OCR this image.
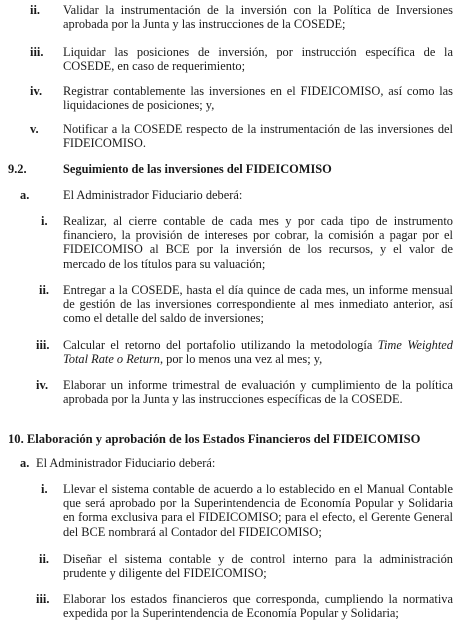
ii. Validar la instrumentación de la inversión con la Política de Inversiones aprobada por la Junta y las instrucciones de la COSEDE;
iii. Liquidar las posiciones de inversión, por instrucción específica de la COSEDE, en caso de requerimiento;
iv. Registrar contablemente las inversiones en el FIDEICOMISO, así como las liquidaciones de posiciones; y,
v. Notificar a la COSEDE respecto de la instrumentación de las inversiones del FIDEICOMISO.
9.2.	Seguimiento de las inversiones del FIDEICOMISO
a.	El Administrador Fiduciario deberá:
i. Realizar, al cierre contable de cada mes y por cada tipo de instrumento financiero, la provisión de intereses por cobrar, la comisión a pagar por el FIDEICOMISO al BCE por la inversión de los recursos, y el valor de mercado de los títulos para su valuación;
ii. Entregar a la COSEDE, hasta el día quince de cada mes, un informe mensual de gestión de las inversiones correspondiente al mes inmediato anterior, así como el detalle del saldo de inversiones;
iii. Calcular el retorno del portafolio utilizando la metodología Time Weighted Total Rate o Return, por lo menos una vez al mes; y,
iv. Elaborar un informe trimestral de evaluación y cumplimiento de la política aprobada por la Junta y las instrucciones específicas de la COSEDE.
10. Elaboración y aprobación de los Estados Financieros del FIDEICOMISO
a. El Administrador Fiduciario deberá:
i. Llevar el sistema contable de acuerdo a lo establecido en el Manual Contable que será aprobado por la Superintendencia de Economía Popular y Solidaria en forma exclusiva para el FIDEICOMISO; para el efecto, el Gerente General del BCE nombrará al Contador del FIDEICOMISO;
ii. Diseñar el sistema contable y de control interno para la administración prudente y diligente del FIDEICOMISO;
iii. Elaborar los estados financieros que corresponda, cumpliendo la normativa expedida por la Superintendencia de Economía Popular y Solidaria;
